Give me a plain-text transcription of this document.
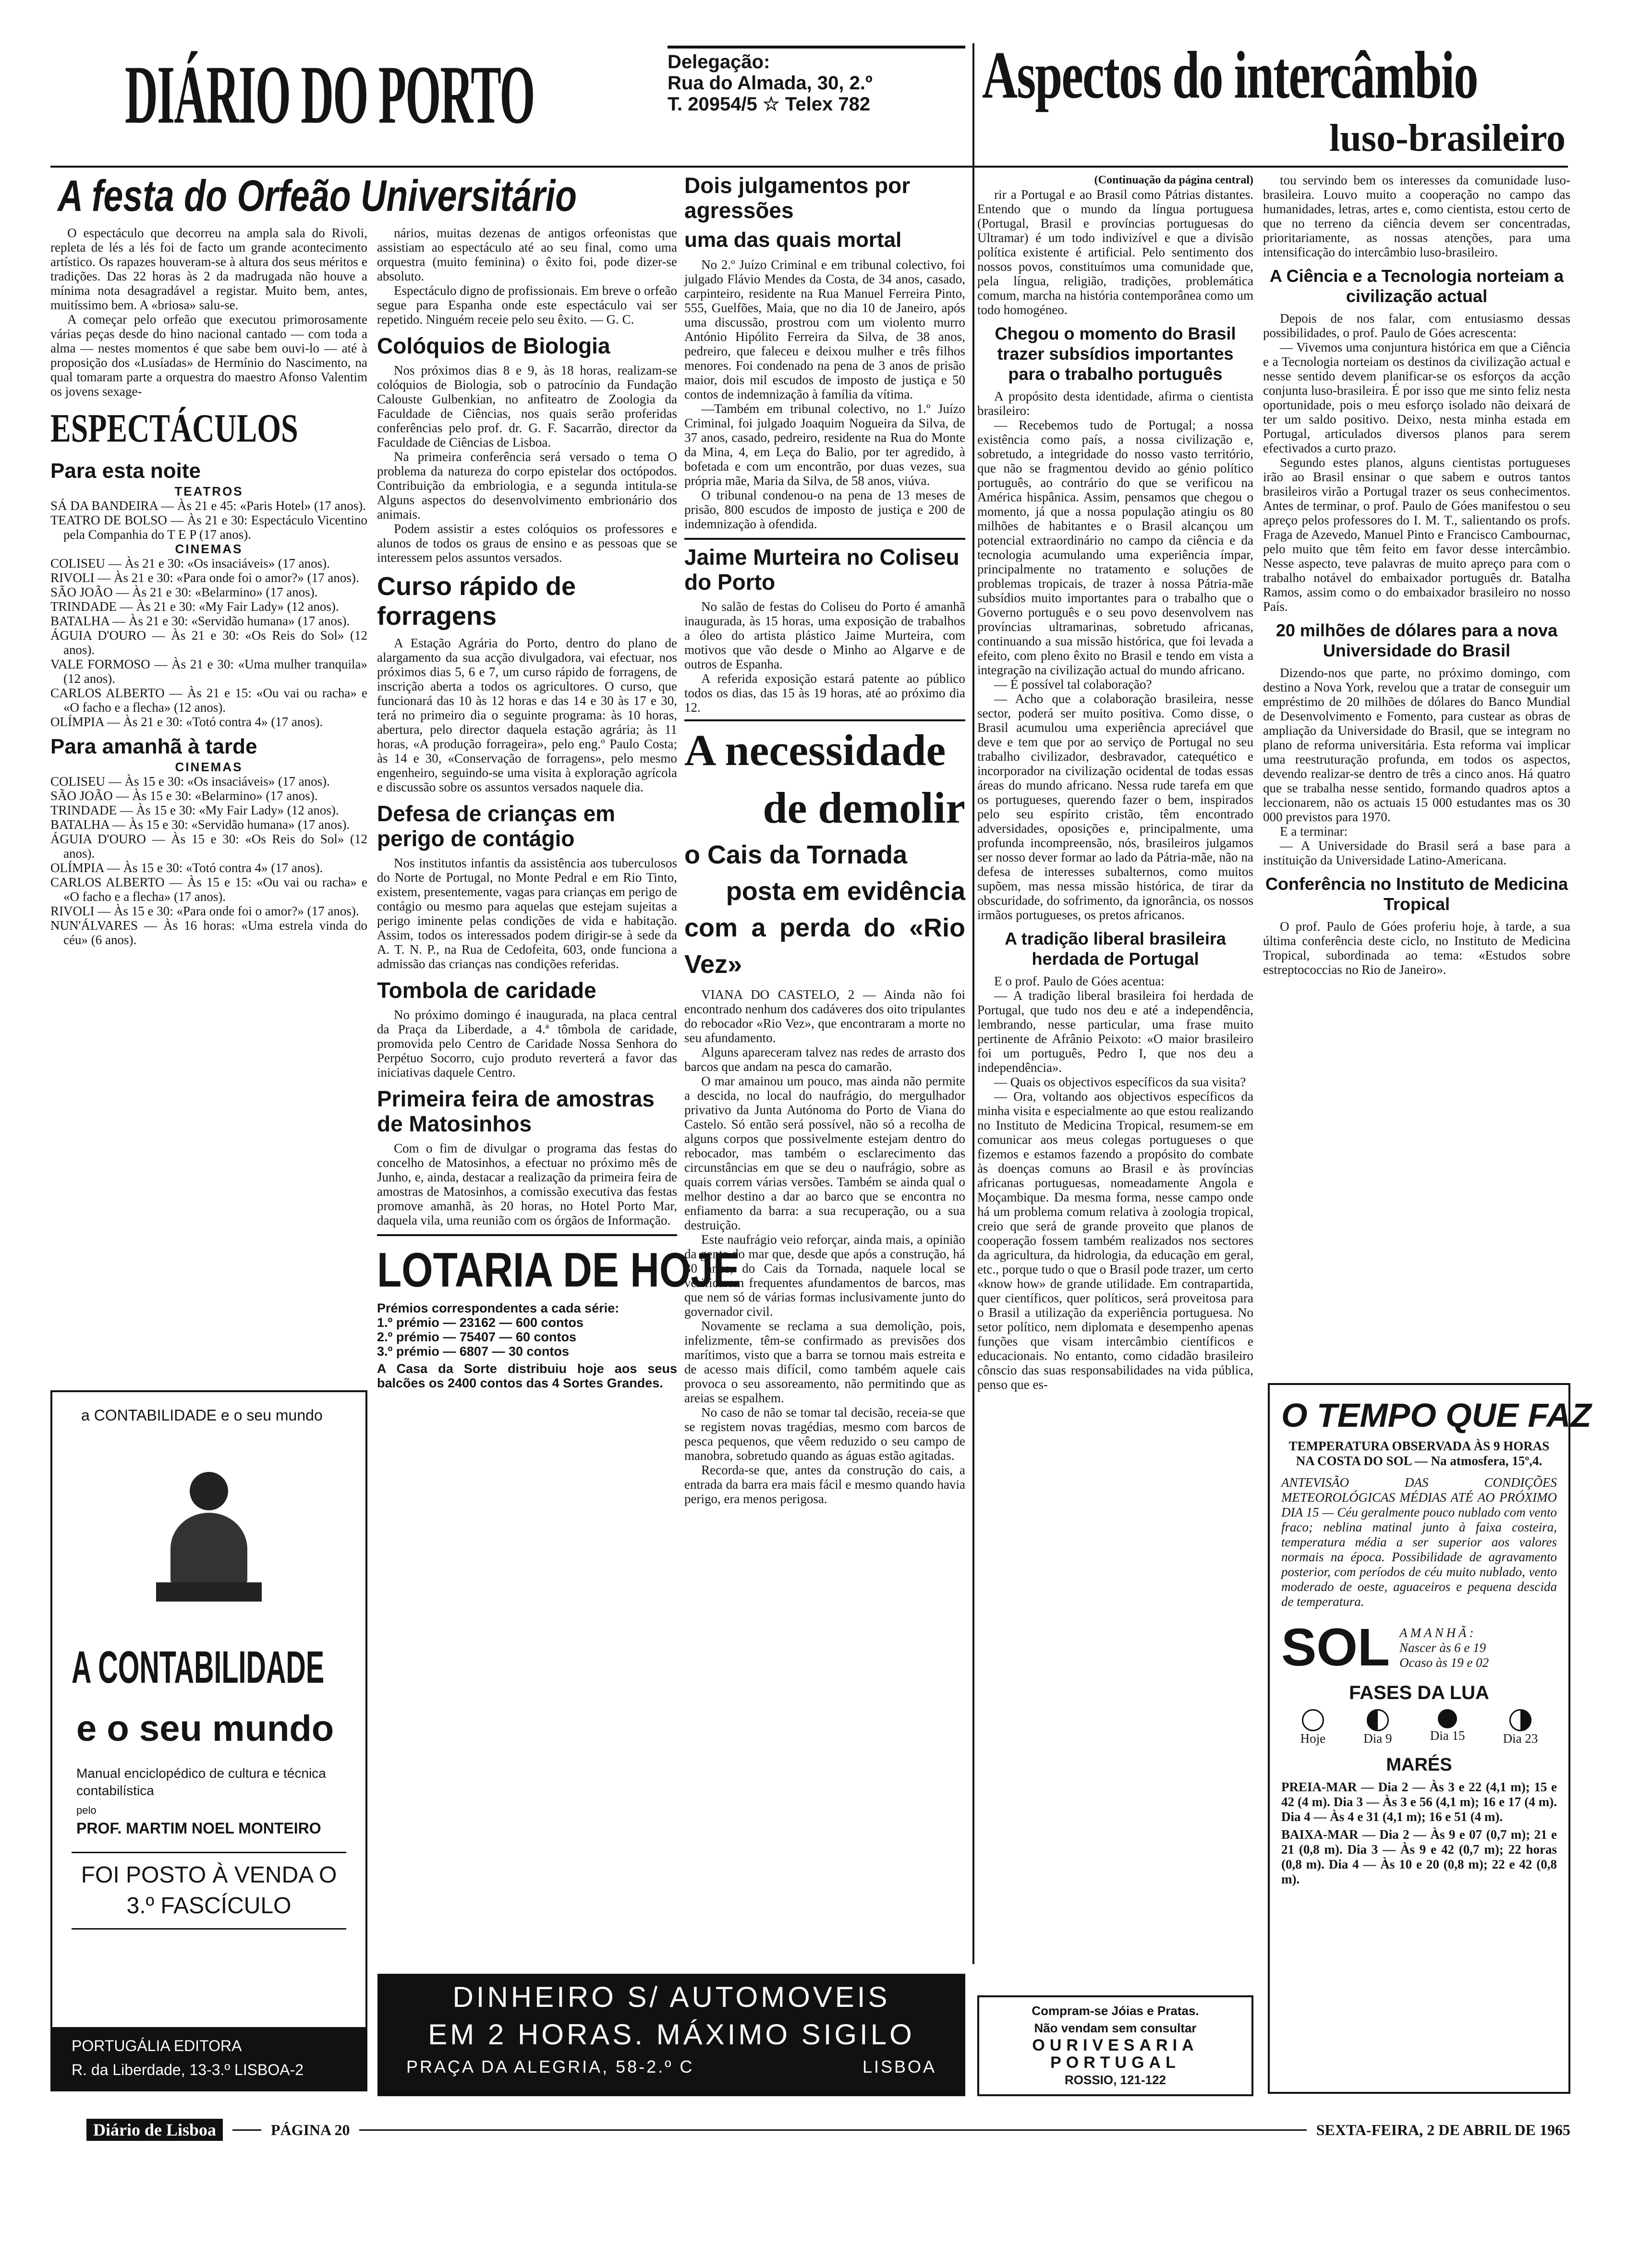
DIÁRIO DO PORTO	Delegação:
Rua do Almada, 30, 2.º
T. 20954/5 ☆ Telex 782	Aspectos do intercâmbio
luso-brasileiro
A festa do Orfeão Universitário

O espectáculo que decorreu na ampla sala do Rivoli, repleta de lés a lés foi de facto um grande acontecimento artístico. Os rapazes houveram-se à altura dos seus méritos e tradições. Das 22 horas às 2 da madrugada não houve a mínima nota desagradável a registar. Muito bem, antes, muitíssimo bem. A «briosa» salu-se.

A começar pelo orfeão que executou primorosamente várias peças desde do hino nacional cantado — com toda a alma — nestes momentos é que sabe bem ouvi-lo — até à proposição dos «Lusíadas» de Hermínio do Nascimento, na qual tomaram parte a orquestra do maestro Afonso Valentim os jovens sexage-

ESPECTÁCULOS
Para esta noite
TEATROS

SÁ DA BANDEIRA — Às 21 e 45: «Paris Hotel» (17 anos).

TEATRO DE BOLSO — Às 21 e 30: Espectáculo Vicentino pela Companhia do T E P (17 anos).

CINEMAS

COLISEU — Às 21 e 30: «Os insaciáveis» (17 anos).

RIVOLI — Às 21 e 30: «Para onde foi o amor?» (17 anos).

SÃO JOÃO — Às 21 e 30: «Belarmino» (17 anos).

TRINDADE — Às 21 e 30: «My Fair Lady» (12 anos).

BATALHA — Às 21 e 30: «Servidão humana» (17 anos).

ÁGUIA D'OURO — Às 21 e 30: «Os Reis do Sol» (12 anos).

VALE FORMOSO — Às 21 e 30: «Uma mulher tranquila» (12 anos).

CARLOS ALBERTO — Às 21 e 15: «Ou vai ou racha» e «O facho e a flecha» (12 anos).

OLÍMPIA — Às 21 e 30: «Totó contra 4» (17 anos).

Para amanhã à tarde
CINEMAS

COLISEU — Às 15 e 30: «Os insaciáveis» (17 anos).

SÃO JOÃO — Às 15 e 30: «Belarmino» (17 anos).

TRINDADE — Às 15 e 30: «My Fair Lady» (12 anos).

BATALHA — Às 15 e 30: «Servidão humana» (17 anos).

ÁGUIA D'OURO — Às 15 e 30: «Os Reis do Sol» (12 anos).

OLÍMPIA — Às 15 e 30: «Totó contra 4» (17 anos).

CARLOS ALBERTO — Às 15 e 15: «Ou vai ou racha» e «O facho e a flecha» (17 anos).

RIVOLI — Às 15 e 30: «Para onde foi o amor?» (17 anos).

NUN'ÁLVARES — Às 16 horas: «Uma estrela vinda do céu» (6 anos).

a CONTABILIDADE e o seu mundo
A CONTABILIDADE
e o seu mundo
Manual enciclopédico de cultura e técnica contabilística
pelo
PROF. MARTIM NOEL MONTEIRO
FOI POSTO À VENDA O 3.º FASCÍCULO
PORTUGÁLIA EDITORA
R. da Liberdade, 13-3.º LISBOA-2

nários, muitas dezenas de antigos orfeonistas que assistiam ao espectáculo até ao seu final, como uma orquestra (muito feminina) o êxito foi, pode dizer-se absoluto.

Espectáculo digno de profissionais. Em breve o orfeão segue para Espanha onde este espectáculo vai ser repetido. Ninguém receie pelo seu êxito. — G. C.

Colóquios de Biologia

Nos próximos dias 8 e 9, às 18 horas, realizam-se colóquios de Biologia, sob o patrocínio da Fundação Calouste Gulbenkian, no anfiteatro de Zoologia da Faculdade de Ciências, nos quais serão proferidas conferências pelo prof. dr. G. F. Sacarrão, director da Faculdade de Ciências de Lisboa.

Na primeira conferência será versado o tema O problema da natureza do corpo epistelar dos octópodos. Contribuição da embriologia, e a segunda intitula-se Alguns aspectos do desenvolvimento embrionário dos animais.

Podem assistir a estes colóquios os professores e alunos de todos os graus de ensino e as pessoas que se interessem pelos assuntos versados.

Curso rápido de forragens

A Estação Agrária do Porto, dentro do plano de alargamento da sua acção divulgadora, vai efectuar, nos próximos dias 5, 6 e 7, um curso rápido de forragens, de inscrição aberta a todos os agricultores. O curso, que funcionará das 10 às 12 horas e das 14 e 30 às 17 e 30, terá no primeiro dia o seguinte programa: às 10 horas, abertura, pelo director daquela estação agrária; às 11 horas, «A produção forrageira», pelo eng.º Paulo Costa; às 14 e 30, «Conservação de forragens», pelo mesmo engenheiro, seguindo-se uma visita à exploração agrícola e discussão sobre os assuntos versados naquele dia.

Defesa de crianças em perigo de contágio

Nos institutos infantis da assistência aos tuberculosos do Norte de Portugal, no Monte Pedral e em Rio Tinto, existem, presentemente, vagas para crianças em perigo de contágio ou mesmo para aquelas que estejam sujeitas a perigo iminente pelas condições de vida e habitação. Assim, todos os interessados podem dirigir-se à sede da A. T. N. P., na Rua de Cedofeita, 603, onde funciona a admissão das crianças nas condições referidas.

Tombola de caridade

No próximo domingo é inaugurada, na placa central da Praça da Liberdade, a 4.ª tômbola de caridade, promovida pelo Centro de Caridade Nossa Senhora do Perpétuo Socorro, cujo produto reverterá a favor das iniciativas daquele Centro.

Primeira feira de amostras de Matosinhos

Com o fim de divulgar o programa das festas do concelho de Matosinhos, a efectuar no próximo mês de Junho, e, ainda, destacar a realização da primeira feira de amostras de Matosinhos, a comissão executiva das festas promove amanhã, às 20 horas, no Hotel Porto Mar, daquela vila, uma reunião com os órgãos de Informação.

LOTARIA DE HOJE
Prémios correspondentes a cada série:

1.º prémio — 23162 — 600 contos

2.º prémio — 75407 — 60 contos

3.º prémio — 6807 — 30 contos

A Casa da Sorte distribuiu hoje aos seus balcões os 2400 contos das 4 Sortes Grandes.
Dois julgamentos por agressões
uma das quais mortal

No 2.º Juízo Criminal e em tribunal colectivo, foi julgado Flávio Mendes da Costa, de 34 anos, casado, carpinteiro, residente na Rua Manuel Ferreira Pinto, 555, Guelfões, Maia, que no dia 10 de Janeiro, após uma discussão, prostrou com um violento murro António Hipólito Ferreira da Silva, de 38 anos, pedreiro, que faleceu e deixou mulher e três filhos menores. Foi condenado na pena de 3 anos de prisão maior, dois mil escudos de imposto de justiça e 50 contos de indemnização à família da vítima.

—Também em tribunal colectivo, no 1.º Juízo Criminal, foi julgado Joaquim Nogueira da Silva, de 37 anos, casado, pedreiro, residente na Rua do Monte da Mina, 4, em Leça do Balio, por ter agredido, à bofetada e com um encontrão, por duas vezes, sua própria mãe, Maria da Silva, de 58 anos, viúva.

O tribunal condenou-o na pena de 13 meses de prisão, 800 escudos de imposto de justiça e 200 de indemnização à ofendida.

Jaime Murteira no Coliseu do Porto

No salão de festas do Coliseu do Porto é amanhã inaugurada, às 15 horas, uma exposição de trabalhos a óleo do artista plástico Jaime Murteira, com motivos que vão desde o Minho ao Algarve e de outros de Espanha.

A referida exposição estará patente ao público todos os dias, das 15 às 19 horas, até ao próximo dia 12.

A necessidade
de demolir
o Cais da Tornada
posta em evidência
com a perda do «Rio Vez»

VIANA DO CASTELO, 2 — Ainda não foi encontrado nenhum dos cadáveres dos oito tripulantes do rebocador «Rio Vez», que encontraram a morte no seu afundamento.

Alguns apareceram talvez nas redes de arrasto dos barcos que andam na pesca do camarão.

O mar amainou um pouco, mas ainda não permite a descida, no local do naufrágio, do mergulhador privativo da Junta Autónoma do Porto de Viana do Castelo. Só então será possível, não só a recolha de alguns corpos que possivelmente estejam dentro do rebocador, mas também o esclarecimento das circunstâncias em que se deu o naufrágio, sobre as quais correm várias versões. Também se ainda qual o melhor destino a dar ao barco que se encontra no enfiamento da barra: a sua recuperação, ou a sua destruição.

Este naufrágio veio reforçar, ainda mais, a opinião da gente do mar que, desde que após a construção, há 30 anos, do Cais da Tornada, naquele local se verificaram frequentes afundamentos de barcos, mas que nem só de várias formas inclusivamente junto do governador civil.

Novamente se reclama a sua demolição, pois, infelizmente, têm-se confirmado as previsões dos marítimos, visto que a barra se tornou mais estreita e de acesso mais difícil, como também aquele cais provoca o seu assoreamento, não permitindo que as areias se espalhem.

No caso de não se tomar tal decisão, receia-se que se registem novas tragédias, mesmo com barcos de pesca pequenos, que vêem reduzido o seu campo de manobra, sobretudo quando as águas estão agitadas.

Recorda-se que, antes da construção do cais, a entrada da barra era mais fácil e mesmo quando havia perigo, era menos perigosa.

(Continuação da página central)

rir a Portugal e ao Brasil como Pátrias distantes. Entendo que o mundo da língua portuguesa (Portugal, Brasil e províncias portuguesas do Ultramar) é um todo indivizível e que a divisão política existente é artificial. Pelo sentimento dos nossos povos, constituímos uma comunidade que, pela língua, religião, tradições, problemática comum, marcha na história contemporânea como um todo homogéneo.

Chegou o momento do Brasil trazer subsídios importantes para o trabalho português

A propósito desta identidade, afirma o cientista brasileiro:

— Recebemos tudo de Portugal; a nossa existência como país, a nossa civilização e, sobretudo, a integridade do nosso vasto território, que não se fragmentou devido ao génio político português, ao contrário do que se verificou na América hispânica. Assim, pensamos que chegou o momento, já que a nossa população atingiu os 80 milhões de habitantes e o Brasil alcançou um potencial extraordinário no campo da ciência e da tecnologia acumulando uma experiência ímpar, principalmente no tratamento e soluções de problemas tropicais, de trazer à nossa Pátria-mãe subsídios muito importantes para o trabalho que o Governo português e o seu povo desenvolvem nas províncias ultramarinas, sobretudo africanas, continuando a sua missão histórica, que foi levada a efeito, com pleno êxito no Brasil e tendo em vista a integração na civilização actual do mundo africano.

— É possível tal colaboração?

— Acho que a colaboração brasileira, nesse sector, poderá ser muito positiva. Como disse, o Brasil acumulou uma experiência apreciável que deve e tem que por ao serviço de Portugal no seu trabalho civilizador, desbravador, catequético e incorporador na civilização ocidental de todas essas áreas do mundo africano. Nessa rude tarefa em que os portugueses, querendo fazer o bem, inspirados pelo seu espírito cristão, têm encontrado adversidades, oposições e, principalmente, uma profunda incompreensão, nós, brasileiros julgamos ser nosso dever formar ao lado da Pátria-mãe, não na defesa de interesses subalternos, como muitos supõem, mas nessa missão histórica, de tirar da obscuridade, do sofrimento, da ignorância, os nossos irmãos portugueses, os pretos africanos.

A tradição liberal brasileira herdada de Portugal

E o prof. Paulo de Góes acentua:

— A tradição liberal brasileira foi herdada de Portugal, que tudo nos deu e até a independência, lembrando, nesse particular, uma frase muito pertinente de Afrânio Peixoto: «O maior brasileiro foi um português, Pedro I, que nos deu a independência».

— Quais os objectivos específicos da sua visita?

— Ora, voltando aos objectivos específicos da minha visita e especialmente ao que estou realizando no Instituto de Medicina Tropical, resumem-se em comunicar aos meus colegas portugueses o que fizemos e estamos fazendo a propósito do combate às doenças comuns ao Brasil e às províncias africanas portuguesas, nomeadamente Angola e Moçambique. Da mesma forma, nesse campo onde há um problema comum relativa à zoologia tropical, creio que será de grande proveito que planos de cooperação fossem também realizados nos sectores da agricultura, da hidrologia, da educação em geral, etc., porque tudo o que o Brasil pode trazer, um certo «know how» de grande utilidade. Em contrapartida, quer científicos, quer políticos, será proveitosa para o Brasil a utilização da experiência portuguesa. No setor político, nem diplomata e desempenho apenas funções que visam intercâmbio científicos e educacionais. No entanto, como cidadão brasileiro cônscio das suas responsabilidades na vida pública, penso que es-

tou servindo bem os interesses da comunidade luso-brasileira. Louvo muito a cooperação no campo das humanidades, letras, artes e, como cientista, estou certo de que no terreno da ciência devem ser concentradas, prioritariamente, as nossas atenções, para uma intensificação do intercâmbio luso-brasileiro.

A Ciência e a Tecnologia norteiam a civilização actual

Depois de nos falar, com entusiasmo dessas possibilidades, o prof. Paulo de Góes acrescenta:

— Vivemos uma conjuntura histórica em que a Ciência e a Tecnologia norteiam os destinos da civilização actual e nesse sentido devem planificar-se os esforços da acção conjunta luso-brasileira. É por isso que me sinto feliz nesta oportunidade, pois o meu esforço isolado não deixará de ter um saldo positivo. Deixo, nesta minha estada em Portugal, articulados diversos planos para serem efectivados a curto prazo.

Segundo estes planos, alguns cientistas portugueses irão ao Brasil ensinar o que sabem e outros tantos brasileiros virão a Portugal trazer os seus conhecimentos. Antes de terminar, o prof. Paulo de Góes manifestou o seu apreço pelos professores do I. M. T., salientando os profs. Fraga de Azevedo, Manuel Pinto e Francisco Cambournac, pelo muito que têm feito em favor desse intercâmbio. Nesse aspecto, teve palavras de muito apreço para com o trabalho notável do embaixador português dr. Batalha Ramos, assim como o do embaixador brasileiro no nosso País.

20 milhões de dólares para a nova Universidade do Brasil

Dizendo-nos que parte, no próximo domingo, com destino a Nova York, revelou que a tratar de conseguir um empréstimo de 20 milhões de dólares do Banco Mundial de Desenvolvimento e Fomento, para custear as obras de ampliação da Universidade do Brasil, que se integram no plano de reforma universitária. Esta reforma vai implicar uma reestruturação profunda, em todos os aspectos, devendo realizar-se dentro de três a cinco anos. Há quatro que se trabalha nesse sentido, formando quadros aptos a leccionarem, não os actuais 15 000 estudantes mas os 30 000 previstos para 1970.

E a terminar:

— A Universidade do Brasil será a base para a instituição da Universidade Latino-Americana.

Conferência no Instituto de Medicina Tropical

O prof. Paulo de Góes proferiu hoje, à tarde, a sua última conferência deste ciclo, no Instituto de Medicina Tropical, subordinada ao tema: «Estudos sobre estreptococcias no Rio de Janeiro».

O TEMPO QUE FAZ
TEMPERATURA OBSERVADA ÀS 9 HORAS NA COSTA DO SOL — Na atmosfera, 15º,4.
ANTEVISÃO DAS CONDIÇÕES METEOROLÓGICAS MÉDIAS ATÉ AO PRÓXIMO DIA 15 — Céu geralmente pouco nublado com vento fraco; neblina matinal junto à faixa costeira, temperatura média a ser superior aos valores normais na época. Possibilidade de agravamento posterior, com períodos de céu muito nublado, vento moderado de oeste, aguaceiros e pequena descida de temperatura.
SOL AMANHÃ:
Nascer às 6 e 19
Ocaso às 19 e 02
FASES DA LUA
Hoje	Dia 9	Dia 15	Dia 23
MARÉS
PREIA-MAR — Dia 2 — Às 3 e 22 (4,1 m); 15 e 42 (4 m). Dia 3 — Às 3 e 56 (4,1 m); 16 e 17 (4 m). Dia 4 — Às 4 e 31 (4,1 m); 16 e 51 (4 m).
BAIXA-MAR — Dia 2 — Às 9 e 07 (0,7 m); 21 e 21 (0,8 m). Dia 3 — Às 9 e 42 (0,7 m); 22 horas (0,8 m). Dia 4 — Às 10 e 20 (0,8 m); 22 e 42 (0,8 m).
DINHEIRO S/ AUTOMOVEIS
EM 2 HORAS. MÁXIMO SIGILO
PRAÇA DA ALEGRIA, 58-2.º C	LISBOA
Compram-se Jóias e Pratas.
Não vendam sem consultar
OURIVESARIA
PORTUGAL
ROSSIO, 121-122
Diário de Lisboa	PÁGINA 20	SEXTA-FEIRA, 2 DE ABRIL DE 1965
